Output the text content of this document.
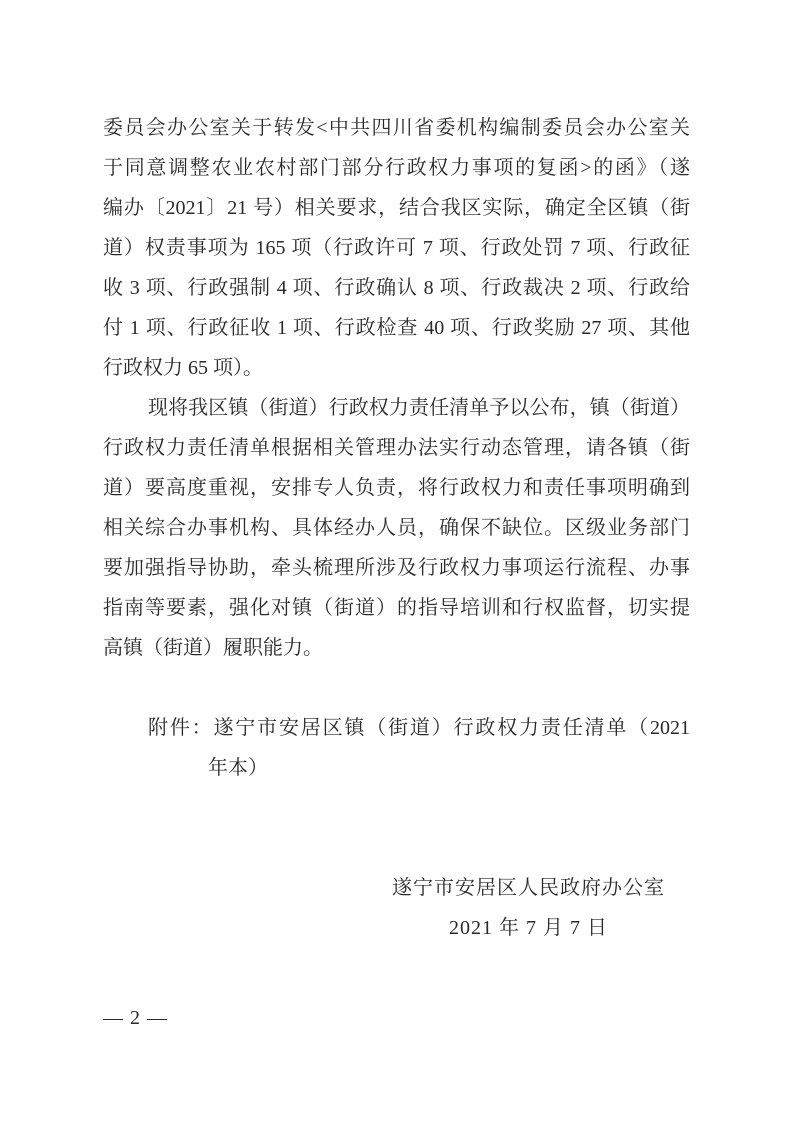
委员会办公室关于转发<中共四川省委机构编制委员会办公室关
于同意调整农业农村部门部分行政权力事项的复函>的函》（遂
编办〔2021〕21 号）相关要求，结合我区实际，确定全区镇（街
道）权责事项为 165 项（行政许可 7 项、行政处罚 7 项、行政征
收 3 项、行政强制 4 项、行政确认 8 项、行政裁决 2 项、行政给
付 1 项、行政征收 1 项、行政检查 40 项、行政奖励 27 项、其他
行政权力 65 项）。
现将我区镇（街道）行政权力责任清单予以公布，镇（街道）
行政权力责任清单根据相关管理办法实行动态管理，请各镇（街
道）要高度重视，安排专人负责，将行政权力和责任事项明确到
相关综合办事机构、具体经办人员，确保不缺位。区级业务部门
要加强指导协助，牵头梳理所涉及行政权力事项运行流程、办事
指南等要素，强化对镇（街道）的指导培训和行权监督，切实提
高镇（街道）履职能力。
附件：遂宁市安居区镇（街道）行政权力责任清单（2021
年本）
遂宁市安居区人民政府办公室
2021 年 7 月 7 日
— 2 —
